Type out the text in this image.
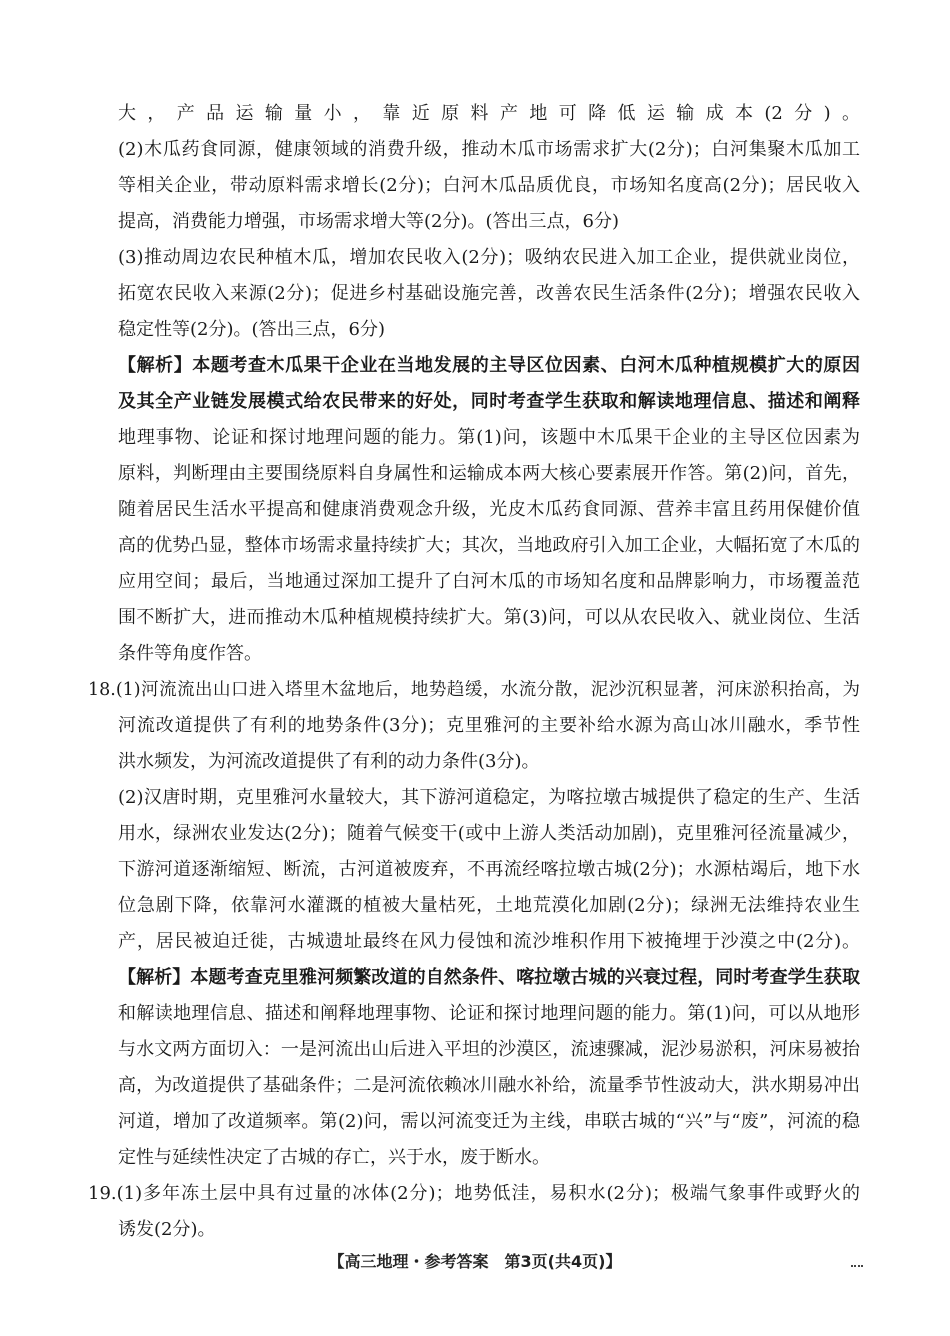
大，产品运输量小，靠近原料产地可降低运输成本(2分)。
(2)木瓜药食同源，健康领域的消费升级，推动木瓜市场需求扩大(2分)；白河集聚木瓜加工
等相关企业，带动原料需求增长(2分)；白河木瓜品质优良，市场知名度高(2分)；居民收入
提高，消费能力增强，市场需求增大等(2分)。(答出三点，6分)
(3)推动周边农民种植木瓜，增加农民收入(2分)；吸纳农民进入加工企业，提供就业岗位，
拓宽农民收入来源(2分)；促进乡村基础设施完善，改善农民生活条件(2分)；增强农民收入
稳定性等(2分)。(答出三点，6分)
【解析】本题考查木瓜果干企业在当地发展的主导区位因素、白河木瓜种植规模扩大的原因
及其全产业链发展模式给农民带来的好处，同时考查学生获取和解读地理信息、描述和阐释
地理事物、论证和探讨地理问题的能力。第(1)问，该题中木瓜果干企业的主导区位因素为
原料，判断理由主要围绕原料自身属性和运输成本两大核心要素展开作答。第(2)问，首先，
随着居民生活水平提高和健康消费观念升级，光皮木瓜药食同源、营养丰富且药用保健价值
高的优势凸显，整体市场需求量持续扩大；其次，当地政府引入加工企业，大幅拓宽了木瓜的
应用空间；最后，当地通过深加工提升了白河木瓜的市场知名度和品牌影响力，市场覆盖范
围不断扩大，进而推动木瓜种植规模持续扩大。第(3)问，可以从农民收入、就业岗位、生活
条件等角度作答。
18.(1)河流流出山口进入塔里木盆地后，地势趋缓，水流分散，泥沙沉积显著，河床淤积抬高，为
河流改道提供了有利的地势条件(3分)；克里雅河的主要补给水源为高山冰川融水，季节性
洪水频发，为河流改道提供了有利的动力条件(3分)。
(2)汉唐时期，克里雅河水量较大，其下游河道稳定，为喀拉墩古城提供了稳定的生产、生活
用水，绿洲农业发达(2分)；随着气候变干(或中上游人类活动加剧)，克里雅河径流量减少，
下游河道逐渐缩短、断流，古河道被废弃，不再流经喀拉墩古城(2分)；水源枯竭后，地下水
位急剧下降，依靠河水灌溉的植被大量枯死，土地荒漠化加剧(2分)；绿洲无法维持农业生
产，居民被迫迁徙，古城遗址最终在风力侵蚀和流沙堆积作用下被掩埋于沙漠之中(2分)。
【解析】本题考查克里雅河频繁改道的自然条件、喀拉墩古城的兴衰过程，同时考查学生获取
和解读地理信息、描述和阐释地理事物、论证和探讨地理问题的能力。第(1)问，可以从地形
与水文两方面切入：一是河流出山后进入平坦的沙漠区，流速骤减，泥沙易淤积，河床易被抬
高，为改道提供了基础条件；二是河流依赖冰川融水补给，流量季节性波动大，洪水期易冲出
河道，增加了改道频率。第(2)问，需以河流变迁为主线，串联古城的“兴”与“废”，河流的稳
定性与延续性决定了古城的存亡，兴于水，废于断水。
19.(1)多年冻土层中具有过量的冰体(2分)；地势低洼，易积水(2分)；极端气象事件或野火的
诱发(2分)。
【高三地理・参考答案　第3页(共4页)】
